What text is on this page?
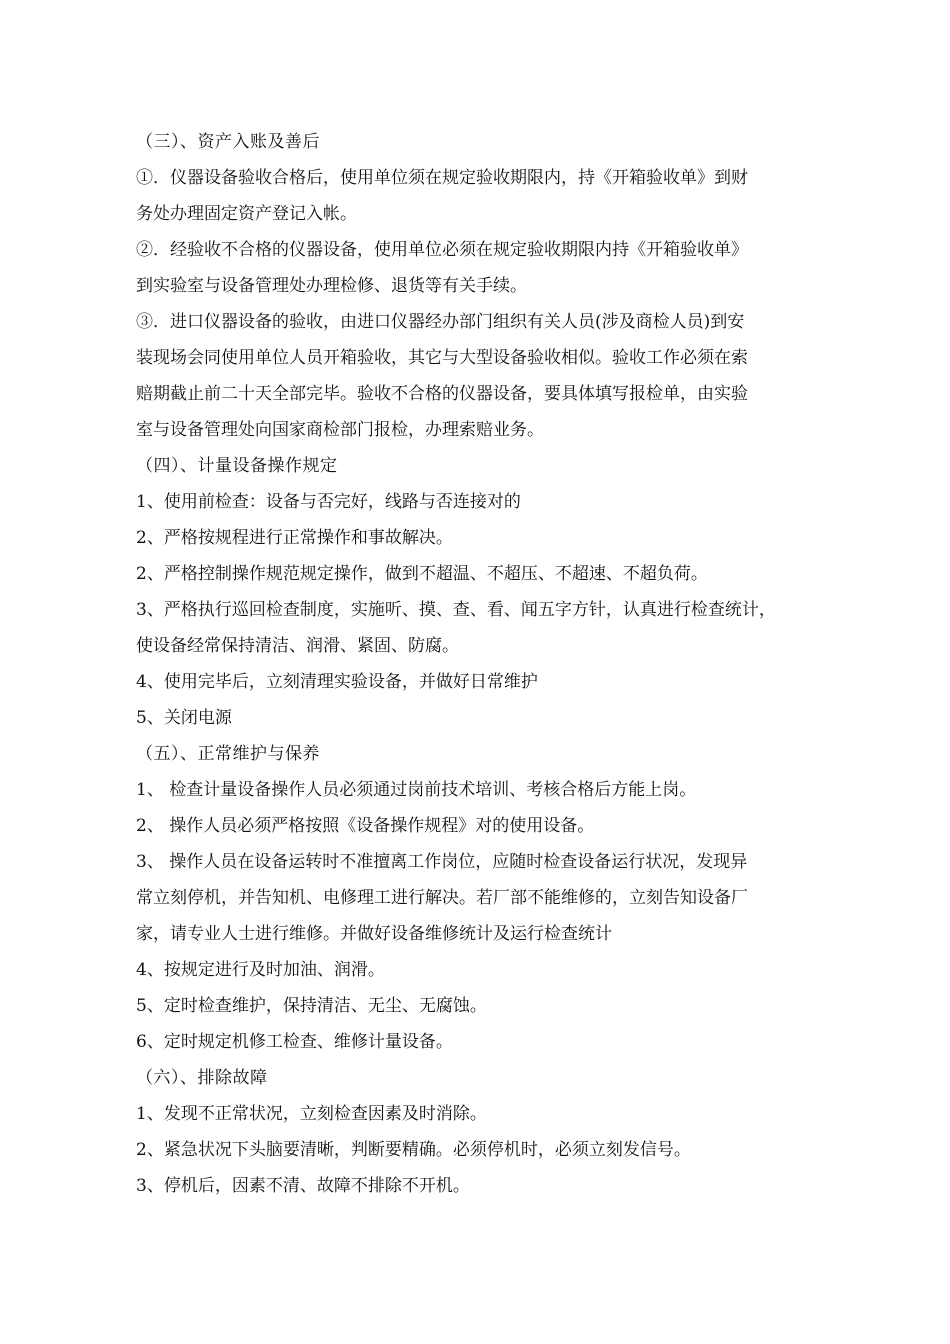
（三）、资产入账及善后
①．仪器设备验收合格后，使用单位须在规定验收期限内，持《开箱验收单》到财
务处办理固定资产登记入帐。
②．经验收不合格的仪器设备，使用单位必须在规定验收期限内持《开箱验收单》
到实验室与设备管理处办理检修、退货等有关手续。
③．进口仪器设备的验收，由进口仪器经办部门组织有关人员(涉及商检人员)到安
装现场会同使用单位人员开箱验收，其它与大型设备验收相似。验收工作必须在索
赔期截止前二十天全部完毕。验收不合格的仪器设备，要具体填写报检单，由实验
室与设备管理处向国家商检部门报检，办理索赔业务。
（四）、计量设备操作规定
1、使用前检查：设备与否完好，线路与否连接对的
2、严格按规程进行正常操作和事故解决。
2、严格控制操作规范规定操作，做到不超温、不超压、不超速、不超负荷。
3、严格执行巡回检查制度，实施听、摸、查、看、闻五字方针，认真进行检查统计，
使设备经常保持清洁、润滑、紧固、防腐。
4、使用完毕后，立刻清理实验设备，并做好日常维护
5、关闭电源
（五）、正常维护与保养
1、 检查计量设备操作人员必须通过岗前技术培训、考核合格后方能上岗。
2、 操作人员必须严格按照《设备操作规程》对的使用设备。
3、 操作人员在设备运转时不准擅离工作岗位，应随时检查设备运行状况，发现异
常立刻停机，并告知机、电修理工进行解决。若厂部不能维修的，立刻告知设备厂
家，请专业人士进行维修。并做好设备维修统计及运行检查统计
4、按规定进行及时加油、润滑。
5、定时检查维护，保持清洁、无尘、无腐蚀。
6、定时规定机修工检查、维修计量设备。
（六）、排除故障
1、发现不正常状况，立刻检查因素及时消除。
2、紧急状况下头脑要清晰，判断要精确。必须停机时，必须立刻发信号。
3、停机后，因素不清、故障不排除不开机。
